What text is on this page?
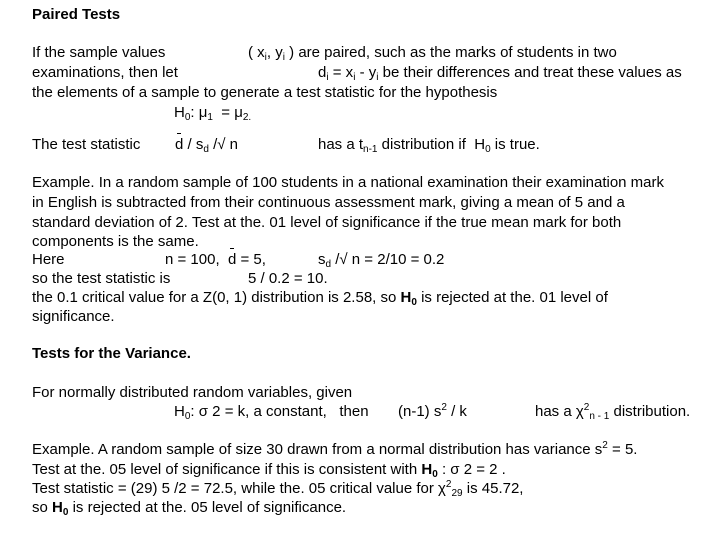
Paired Tests
If the sample values	( $x_i$, $y_i$ ) are paired, such as the marks of students in two
examinations, then let	$d_i = x_i - y_i$ be their differences and treat these values as
the elements of a sample to generate a test statistic for the hypothesis
$H_0$: $\mu_1 = \mu_{2.}$
The test statistic d / $s_d$ /√ n	has a $t_{n-1}$ distribution if $H_0$ is true.
Example. In a random sample of 100 students in a national examination their examination mark
in English is subtracted from their continuous assessment mark, giving a mean of 5 and a
standard deviation of 2. Test at the. 01 level of significance if the true mean mark for both
components is the same.
Here	n = 100, d = 5,	$s_d$ /√ n = 2/10 = 0.2
so the test statistic is	5 / 0.2 = 10.
the 0.1 critical value for a Z(0, 1) distribution is 2.58, so $H_0$ is rejected at the. 01 level of
significance.
Tests for the Variance.
For normally distributed random variables, given
$H_0$: σ 2 = k, a constant, then (n-1) $s^2$ / k	has a $\chi^2_{n - 1}$ distribution.
Example. A random sample of size 30 drawn from a normal distribution has variance $s^2 = 5$.
Test at the. 05 level of significance if this is consistent with $H_0$ : σ 2 = 2 .
Test statistic = (29) 5 /2 = 72.5, while the. 05 critical value for $\chi^2_{29}$ is 45.72,
so $H_0$ is rejected at the. 05 level of significance.
